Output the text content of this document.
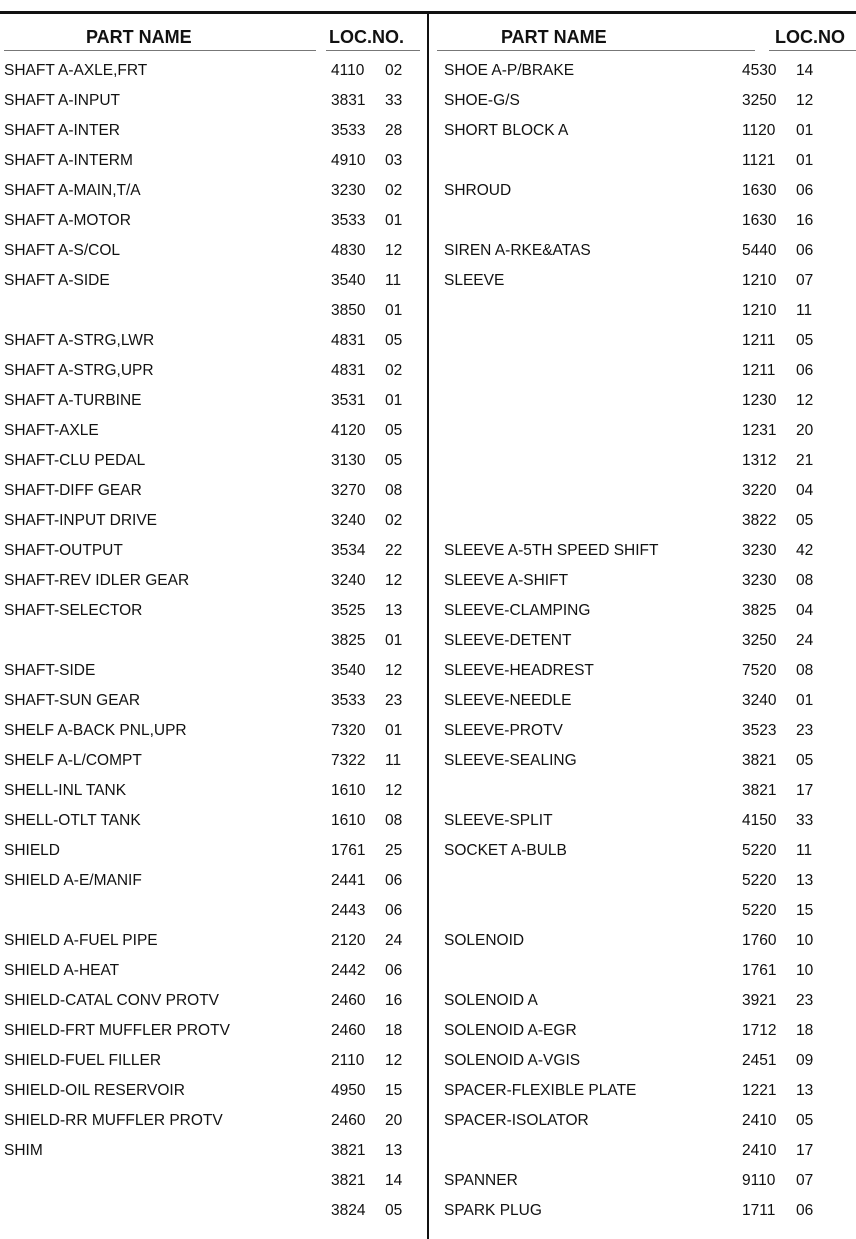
PART NAME	LOC.NO.
SHAFT A-AXLE,FRT	4110 02
SHAFT A-INPUT	3831 33
SHAFT A-INTER	3533 28
SHAFT A-INTERM	4910 03
SHAFT A-MAIN,T/A	3230 02
SHAFT A-MOTOR	3533 01
SHAFT A-S/COL	4830 12
SHAFT A-SIDE	3540 11
3850 01
SHAFT A-STRG,LWR	4831 05
SHAFT A-STRG,UPR	4831 02
SHAFT A-TURBINE	3531 01
SHAFT-AXLE	4120 05
SHAFT-CLU PEDAL	3130 05
SHAFT-DIFF GEAR	3270 08
SHAFT-INPUT DRIVE	3240 02
SHAFT-OUTPUT	3534 22
SHAFT-REV IDLER GEAR	3240 12
SHAFT-SELECTOR	3525 13
3825 01
SHAFT-SIDE	3540 12
SHAFT-SUN GEAR	3533 23
SHELF A-BACK PNL,UPR	7320 01
SHELF A-L/COMPT	7322 11
SHELL-INL TANK	1610 12
SHELL-OTLT TANK	1610 08
SHIELD	1761 25
SHIELD A-E/MANIF	2441 06
2443 06
SHIELD A-FUEL PIPE	2120 24
SHIELD A-HEAT	2442 06
SHIELD-CATAL CONV PROTV	2460 16
SHIELD-FRT MUFFLER PROTV	2460 18
SHIELD-FUEL FILLER	2110 12
SHIELD-OIL RESERVOIR	4950 15
SHIELD-RR MUFFLER PROTV	2460 20
SHIM	3821 13
3821 14
3824 05
PART NAME	LOC.NO
SHOE A-P/BRAKE	4530 14
SHOE-G/S	3250 12
SHORT BLOCK A	1120 01
1121 01
SHROUD	1630 06
1630 16
SIREN A-RKE&ATAS	5440 06
SLEEVE	1210 07
1210 11
1211 05
1211 06
1230 12
1231 20
1312 21
3220 04
3822 05
SLEEVE A-5TH SPEED SHIFT	3230 42
SLEEVE A-SHIFT	3230 08
SLEEVE-CLAMPING	3825 04
SLEEVE-DETENT	3250 24
SLEEVE-HEADREST	7520 08
SLEEVE-NEEDLE	3240 01
SLEEVE-PROTV	3523 23
SLEEVE-SEALING	3821 05
3821 17
SLEEVE-SPLIT	4150 33
SOCKET A-BULB	5220 11
5220 13
5220 15
SOLENOID	1760 10
1761 10
SOLENOID A	3921 23
SOLENOID A-EGR	1712 18
SOLENOID A-VGIS	2451 09
SPACER-FLEXIBLE PLATE	1221 13
SPACER-ISOLATOR	2410 05
2410 17
SPANNER	9110 07
SPARK PLUG	1711 06
